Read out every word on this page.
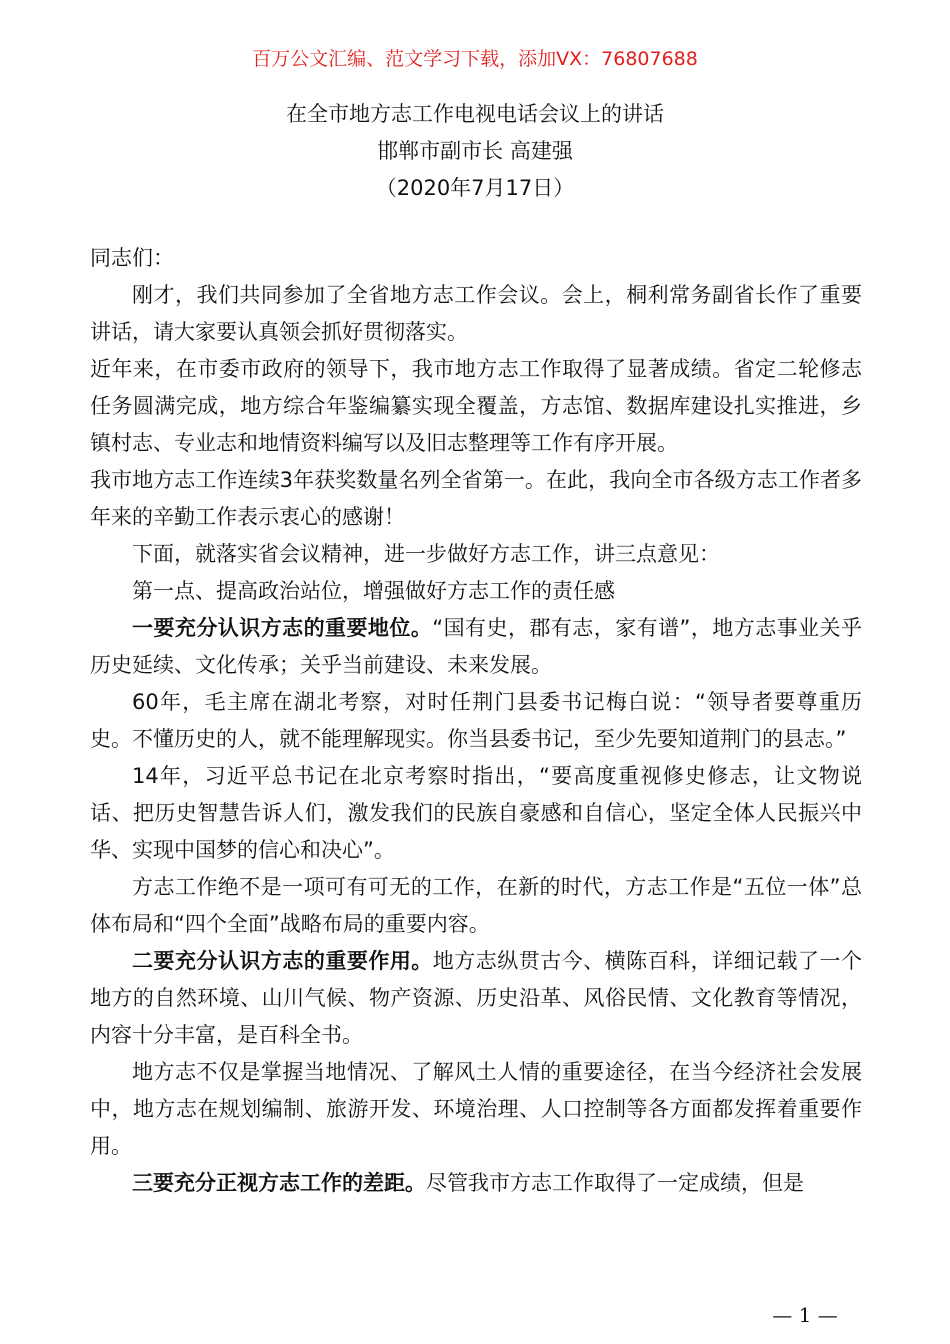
百万公文汇编、范文学习下载，添加VX：76807688
在全市地方志工作电视电话会议上的讲话
邯郸市副市长 高建强
（2020年7月17日）

同志们：

刚才，我们共同参加了全省地方志工作会议。会上，桐利常务副省长作了重要讲话，请大家要认真领会抓好贯彻落实。

近年来，在市委市政府的领导下，我市地方志工作取得了显著成绩。省定二轮修志任务圆满完成，地方综合年鉴编纂实现全覆盖，方志馆、数据库建设扎实推进，乡镇村志、专业志和地情资料编写以及旧志整理等工作有序开展。

我市地方志工作连续3年获奖数量名列全省第一。在此，我向全市各级方志工作者多年来的辛勤工作表示衷心的感谢！

下面，就落实省会议精神，进一步做好方志工作，讲三点意见：

第一点、提高政治站位，增强做好方志工作的责任感

一要充分认识方志的重要地位。“国有史，郡有志，家有谱”，地方志事业关乎历史延续、文化传承；关乎当前建设、未来发展。

60年，毛主席在湖北考察，对时任荆门县委书记梅白说：“领导者要尊重历史。不懂历史的人，就不能理解现实。你当县委书记，至少先要知道荆门的县志。”

14年，习近平总书记在北京考察时指出，“要高度重视修史修志，让文物说话、把历史智慧告诉人们，激发我们的民族自豪感和自信心，坚定全体人民振兴中华、实现中国梦的信心和决心”。

方志工作绝不是一项可有可无的工作，在新的时代，方志工作是“五位一体”总体布局和“四个全面”战略布局的重要内容。

二要充分认识方志的重要作用。地方志纵贯古今、横陈百科，详细记载了一个地方的自然环境、山川气候、物产资源、历史沿革、风俗民情、文化教育等情况，内容十分丰富，是百科全书。

地方志不仅是掌握当地情况、了解风土人情的重要途径，在当今经济社会发展中，地方志在规划编制、旅游开发、环境治理、人口控制等各方面都发挥着重要作用。

三要充分正视方志工作的差距。尽管我市方志工作取得了一定成绩，但是

— 1 —
